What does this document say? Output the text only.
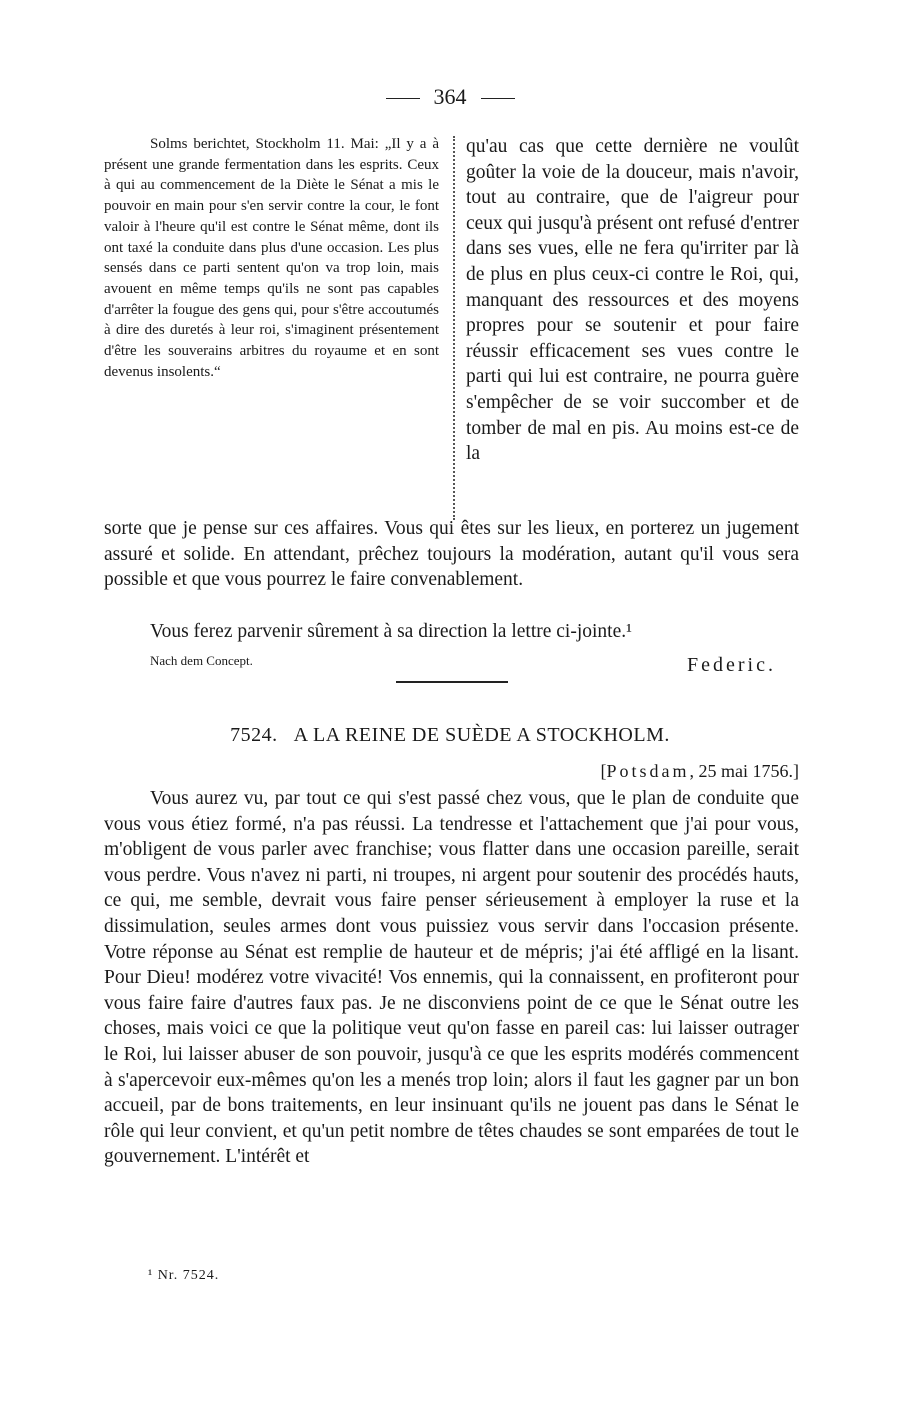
364

Solms berichtet, Stockholm 11. Mai: „Il y a à présent une grande fermentation dans les esprits. Ceux à qui au commencement de la Diète le Sénat a mis le pouvoir en main pour s'en servir contre la cour, le font valoir à l'heure qu'il est contre le Sénat même, dont ils ont taxé la conduite dans plus d'une occasion. Les plus sensés dans ce parti sentent qu'on va trop loin, mais avouent en même temps qu'ils ne sont pas capables d'arrêter la fougue des gens qui, pour s'être accoutumés à dire des duretés à leur roi, s'imaginent présentement d'être les souverains arbitres du royaume et en sont devenus insolents.“

qu'au cas que cette dernière ne voulût goûter la voie de la douceur, mais n'avoir, tout au contraire, que de l'aigreur pour ceux qui jusqu'à présent ont refusé d'entrer dans ses vues, elle ne fera qu'irriter par là de plus en plus ceux-ci contre le Roi, qui, manquant des ressources et des moyens propres pour se soutenir et pour faire réussir efficacement ses vues contre le parti qui lui est contraire, ne pourra guère s'empêcher de se voir succomber et de tomber de mal en pis. Au moins est-ce de la

sorte que je pense sur ces affaires. Vous qui êtes sur les lieux, en porterez un jugement assuré et solide. En attendant, prêchez toujours la modération, autant qu'il vous sera possible et que vous pourrez le faire convenablement.

Vous ferez parvenir sûrement à sa direction la lettre ci-jointe.¹

Nach dem Concept.	Federic.
7524. A LA REINE DE SUÈDE A STOCKHOLM.
[Potsdam, 25 mai 1756.]

Vous aurez vu, par tout ce qui s'est passé chez vous, que le plan de conduite que vous vous étiez formé, n'a pas réussi. La tendresse et l'attachement que j'ai pour vous, m'obligent de vous parler avec franchise; vous flatter dans une occasion pareille, serait vous perdre. Vous n'avez ni parti, ni troupes, ni argent pour soutenir des procédés hauts, ce qui, me semble, devrait vous faire penser sérieusement à employer la ruse et la dissimulation, seules armes dont vous puissiez vous servir dans l'occasion présente. Votre réponse au Sénat est remplie de hauteur et de mépris; j'ai été affligé en la lisant. Pour Dieu! modérez votre vivacité! Vos ennemis, qui la connaissent, en profiteront pour vous faire faire d'autres faux pas. Je ne disconviens point de ce que le Sénat outre les choses, mais voici ce que la politique veut qu'on fasse en pareil cas: lui laisser outrager le Roi, lui laisser abuser de son pouvoir, jusqu'à ce que les esprits modérés commencent à s'apercevoir eux-mêmes qu'on les a menés trop loin; alors il faut les gagner par un bon accueil, par de bons traitements, en leur insinuant qu'ils ne jouent pas dans le Sénat le rôle qui leur convient, et qu'un petit nombre de têtes chaudes se sont emparées de tout le gouvernement. L'intérêt et

¹ Nr. 7524.
